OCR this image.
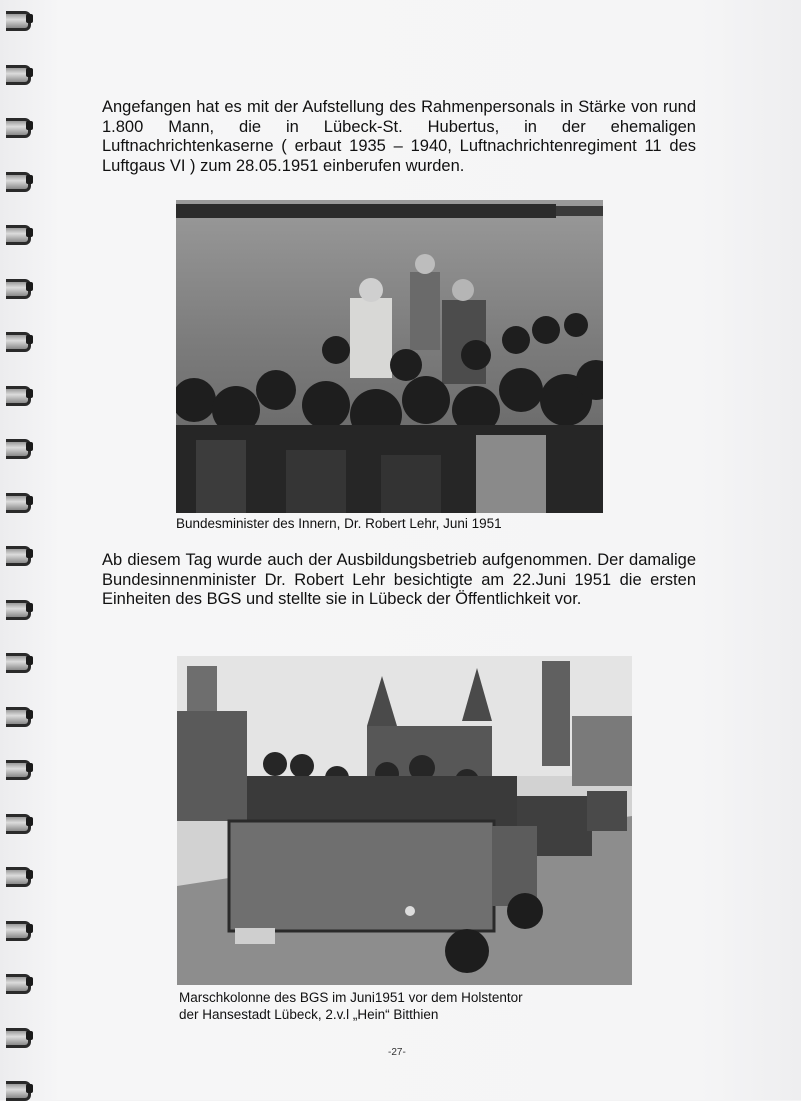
Angefangen hat es mit der Aufstellung des Rahmenpersonals in Stärke von rund 1.800 Mann, die in Lübeck-St. Hubertus, in der ehemaligen Luftnachrichtenkaserne ( erbaut 1935 – 1940, Luftnachrichtenregiment 11 des Luftgaus VI ) zum 28.05.1951 einberufen wurden.

Bundesminister des Innern, Dr. Robert Lehr, Juni 1951

Ab diesem Tag wurde auch der Ausbildungsbetrieb aufgenommen. Der damalige Bundesinnenminister Dr. Robert Lehr besichtigte am 22.Juni 1951 die ersten Einheiten des BGS und stellte sie in Lübeck der Öffentlichkeit vor.

Marschkolonne des BGS im Juni1951 vor dem Holstentor

der Hansestadt Lübeck, 2.v.l „Hein“ Bitthien

-27-
